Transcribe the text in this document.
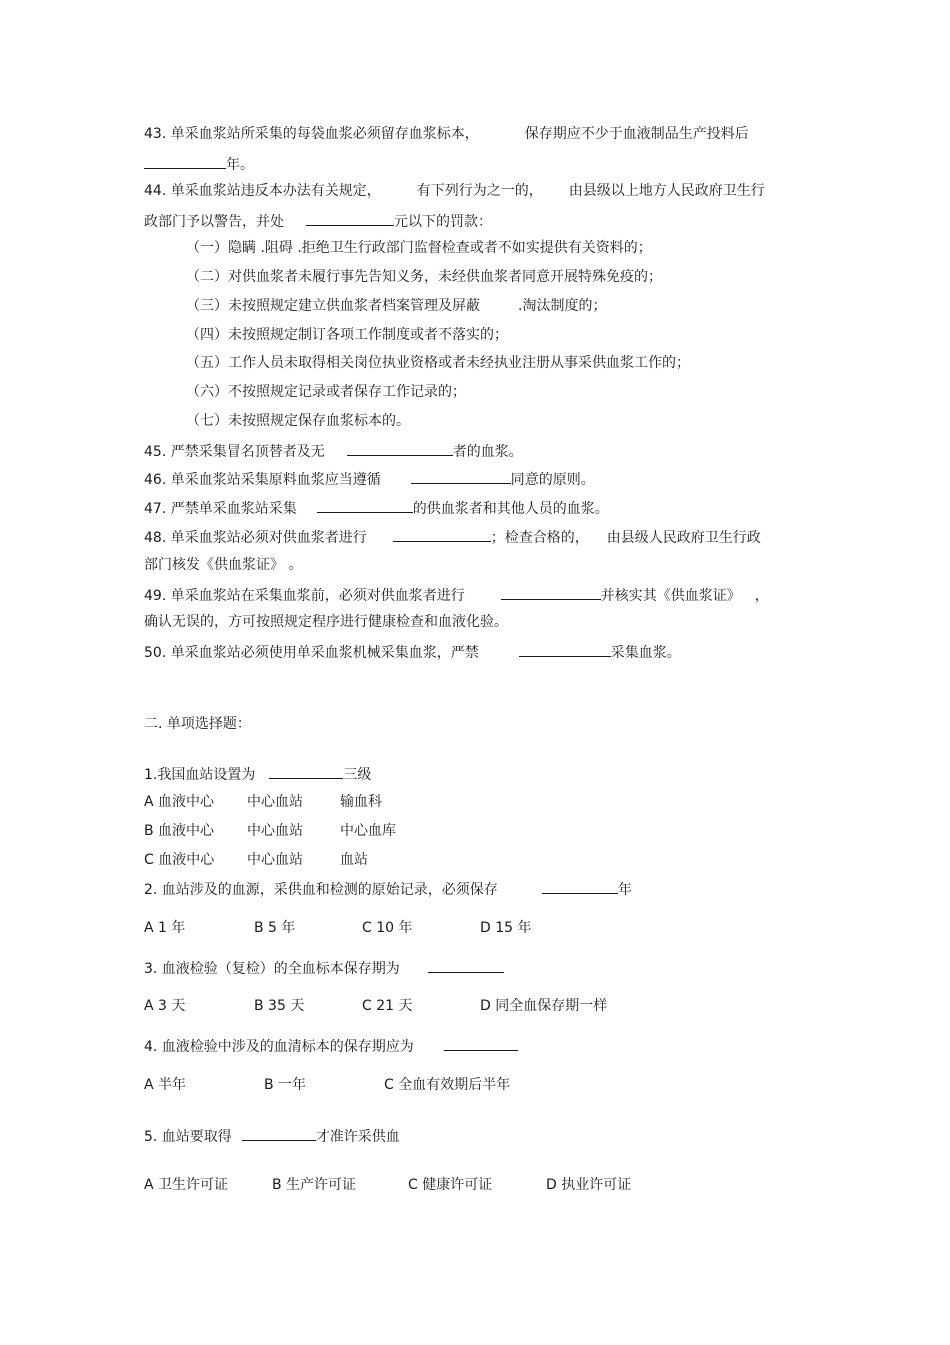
43. 单采血浆站所采集的每袋血浆必须留存血浆标本，	保存期应不少于血液制品生产投料后
年。
44. 单采血浆站违反本办法有关规定，	有下列行为之一的， 由县级以上地方人民政府卫生行
政部门予以警告，并处	元以下的罚款：
（一）隐瞒 .阻碍 .拒绝卫生行政部门监督检查或者不如实提供有关资料的；
（二）对供血浆者未履行事先告知义务，未经供血浆者同意开展特殊免疫的；
（三）未按照规定建立供血浆者档案管理及屏蔽	.淘汰制度的；
（四）未按照规定制订各项工作制度或者不落实的；
（五）工作人员未取得相关岗位执业资格或者未经执业注册从事采供血浆工作的；
（六）不按照规定记录或者保存工作记录的；
（七）未按照规定保存血浆标本的。
45. 严禁采集冒名顶替者及无	者的血浆。
46. 单采血浆站采集原料血浆应当遵循	同意的原则。
47. 严禁单采血浆站采集	的供血浆者和其他人员的血浆。
48. 单采血浆站必须对供血浆者进行	；检查合格的， 由县级人民政府卫生行政
部门核发《供血浆证》 。
49. 单采血浆站在采集血浆前，必须对供血浆者进行	并核实其《供血浆证》 ，
确认无误的，方可按照规定程序进行健康检查和血液化验。
50. 单采血浆站必须使用单采血浆机械采集血浆，严禁	采集血浆。
二. 单项选择题：
1.我国血站设置为	三级
A 血液中心 中心血站	输血科
B 血液中心 中心血站	中心血库
C 血液中心 中心血站	血站
2. 血站涉及的血源，采供血和检测的原始记录，必须保存	年
A 1 年	B 5 年	C 10 年	D 15 年
3. 血液检验（复检）的全血标本保存期为
A 3 天	B 35 天	C 21 天	D 同全血保存期一样
4. 血液检验中涉及的血清标本的保存期应为
A 半年	B 一年	C 全血有效期后半年
5. 血站要取得	才准许采供血
A 卫生许可证	B 生产许可证	C 健康许可证	D 执业许可证
